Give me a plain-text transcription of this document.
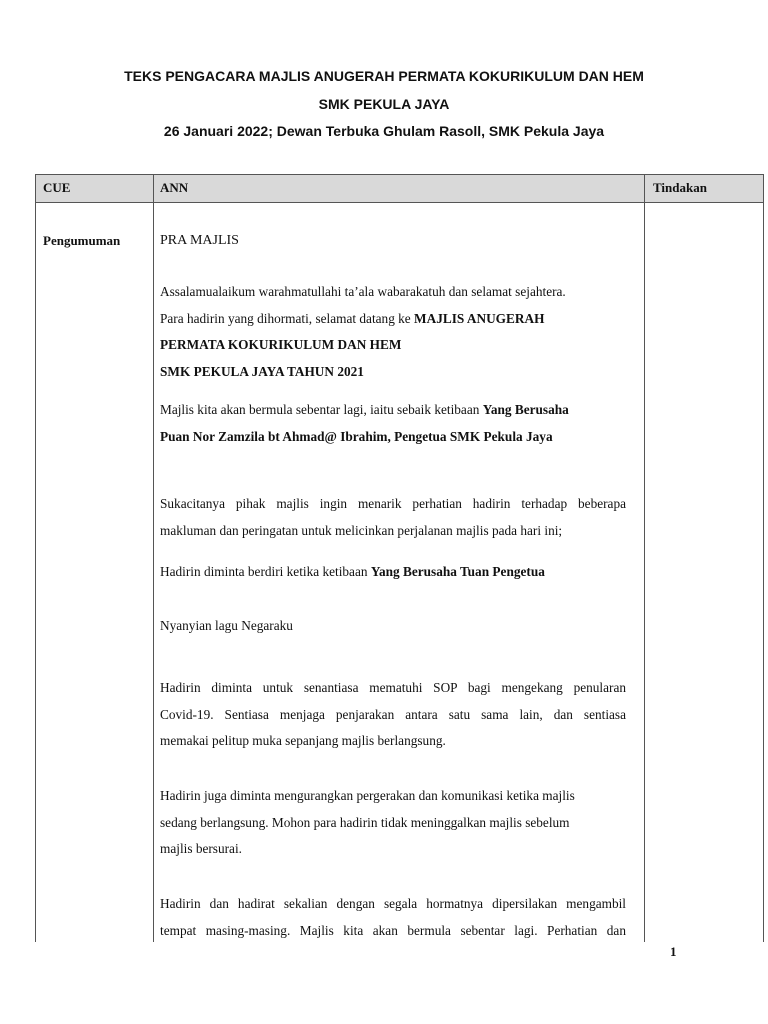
TEKS PENGACARA MAJLIS ANUGERAH PERMATA KOKURIKULUM DAN HEM
SMK PEKULA JAYA
26 Januari 2022; Dewan Terbuka Ghulam Rasoll, SMK Pekula Jaya
CUE	ANN	Tindakan
Pengumuman	PRA MAJLIS
Assalamualaikum warahmatullahi ta’ala wabarakatuh dan selamat sejahtera.
Para hadirin yang dihormati, selamat datang ke MAJLIS ANUGERAH
PERMATA KOKURIKULUM DAN HEM
SMK PEKULA JAYA TAHUN 2021
Majlis kita akan bermula sebentar lagi, iaitu sebaik ketibaan Yang Berusaha
Puan Nor Zamzila bt Ahmad@ Ibrahim, Pengetua SMK Pekula Jaya
Sukacitanya pihak majlis ingin menarik perhatian hadirin terhadap beberapa
makluman dan peringatan untuk melicinkan perjalanan majlis pada hari ini;
Hadirin diminta berdiri ketika ketibaan Yang Berusaha Tuan Pengetua
Nyanyian lagu Negaraku
Hadirin diminta untuk senantiasa mematuhi SOP bagi mengekang penularan
Covid-19. Sentiasa menjaga penjarakan antara satu sama lain, dan sentiasa
memakai pelitup muka sepanjang majlis berlangsung.
Hadirin juga diminta mengurangkan pergerakan dan komunikasi ketika majlis
sedang berlangsung. Mohon para hadirin tidak meninggalkan majlis sebelum
majlis bersurai.
Hadirin dan hadirat sekalian dengan segala hormatnya dipersilakan mengambil
tempat masing-masing. Majlis kita akan bermula sebentar lagi. Perhatian dan
1
